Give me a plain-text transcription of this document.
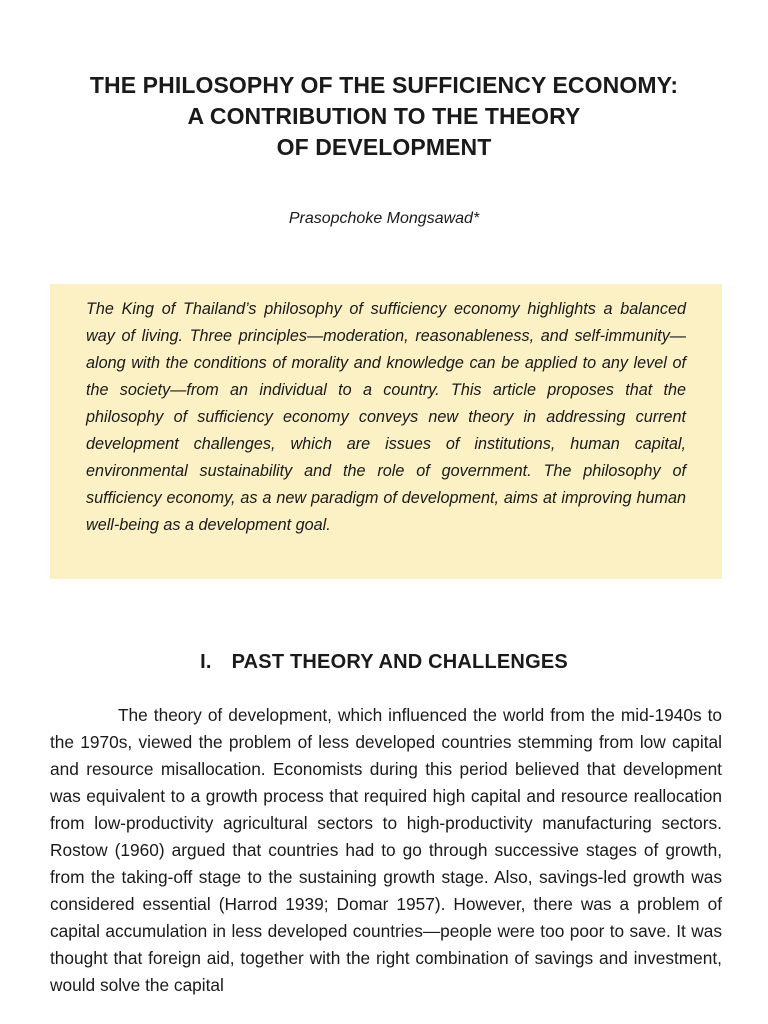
THE PHILOSOPHY OF THE SUFFICIENCY ECONOMY:
A CONTRIBUTION TO THE THEORY
OF DEVELOPMENT

Prasopchoke Mongsawad*

The King of Thailand’s philosophy of sufficiency economy highlights a balanced way of living. Three principles—moderation, reasonableness, and self-immunity—along with the conditions of morality and knowledge can be applied to any level of the society—from an individual to a country. This article proposes that the philosophy of sufficiency economy conveys new theory in addressing current development challenges, which are issues of institutions, human capital, environmental sustainability and the role of government. The philosophy of sufficiency economy, as a new paradigm of development, aims at improving human well-being as a development goal.

I. PAST THEORY AND CHALLENGES

The theory of development, which influenced the world from the mid-1940s to the 1970s, viewed the problem of less developed countries stemming from low capital and resource misallocation. Economists during this period believed that development was equivalent to a growth process that required high capital and resource reallocation from low-productivity agricultural sectors to high-productivity manufacturing sectors. Rostow (1960) argued that countries had to go through successive stages of growth, from the taking-off stage to the sustaining growth stage. Also, savings-led growth was considered essential (Harrod 1939; Domar 1957). However, there was a problem of capital accumulation in less developed countries—people were too poor to save. It was thought that foreign aid, together with the right combination of savings and investment, would solve the capital
